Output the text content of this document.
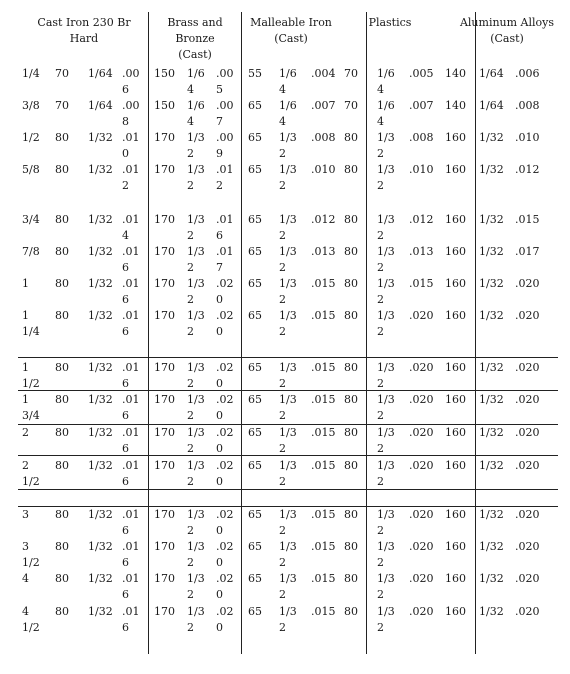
Cast Iron 230 Br
Hard
Brass and
Bronze
(Cast)
Malleable Iron
(Cast)
Plastics	Aluminum Alloys
(Cast)
1/4 70 1/64 .00
6
150 1/6
4
.00
5
55 1/6
4
.004 70 1/6
4
.005 140 1/64 .006
3/8 70 1/64 .00
8
150 1/6
4
.00
7
65 1/6
4
.007 70 1/6
4
.007 140 1/64 .008
1/2 80 1/32 .01
0
170 1/3
2
.00
9
65 1/3
2
.008 80 1/3
2
.008 160 1/32 .010
5/8 80 1/32 .01
2
170 1/3
2
.01
2
65 1/3
2
.010 80 1/3
2
.010 160 1/32 .012
3/4 80 1/32 .01
4
170 1/3
2
.01
6
65 1/3
2
.012 80 1/3
2
.012 160 1/32 .015
7/8 80 1/32 .01
6
170 1/3
2
.01
7
65 1/3
2
.013 80 1/3
2
.013 160 1/32 .017
1 80 1/32 .01
6
170 1/3
2
.02
0
65 1/3
2
.015 80 1/3
2
.015 160 1/32 .020
1
1/4
80 1/32 .01
6
170 1/3
2
.02
0
65 1/3
2
.015 80 1/3
2
.020 160 1/32 .020
1
1/2
80 1/32 .01
6
170 1/3
2
.02
0
65 1/3
2
.015 80 1/3
2
.020 160 1/32 .020
1
3/4
80 1/32 .01
6
170 1/3
2
.02
0
65 1/3
2
.015 80 1/3
2
.020 160 1/32 .020
2 80 1/32 .01
6
170 1/3
2
.02
0
65 1/3
2
.015 80 1/3
2
.020 160 1/32 .020
2
1/2
80 1/32 .01
6
170 1/3
2
.02
0
65 1/3
2
.015 80 1/3
2
.020 160 1/32 .020
3 80 1/32 .01
6
170 1/3
2
.02
0
65 1/3
2
.015 80 1/3
2
.020 160 1/32 .020
3
1/2
80 1/32 .01
6
170 1/3
2
.02
0
65 1/3
2
.015 80 1/3
2
.020 160 1/32 .020
4 80 1/32 .01
6
170 1/3
2
.02
0
65 1/3
2
.015 80 1/3
2
.020 160 1/32 .020
4
1/2
80 1/32 .01
6
170 1/3
2
.02
0
65 1/3
2
.015 80 1/3
2
.020 160 1/32 .020
